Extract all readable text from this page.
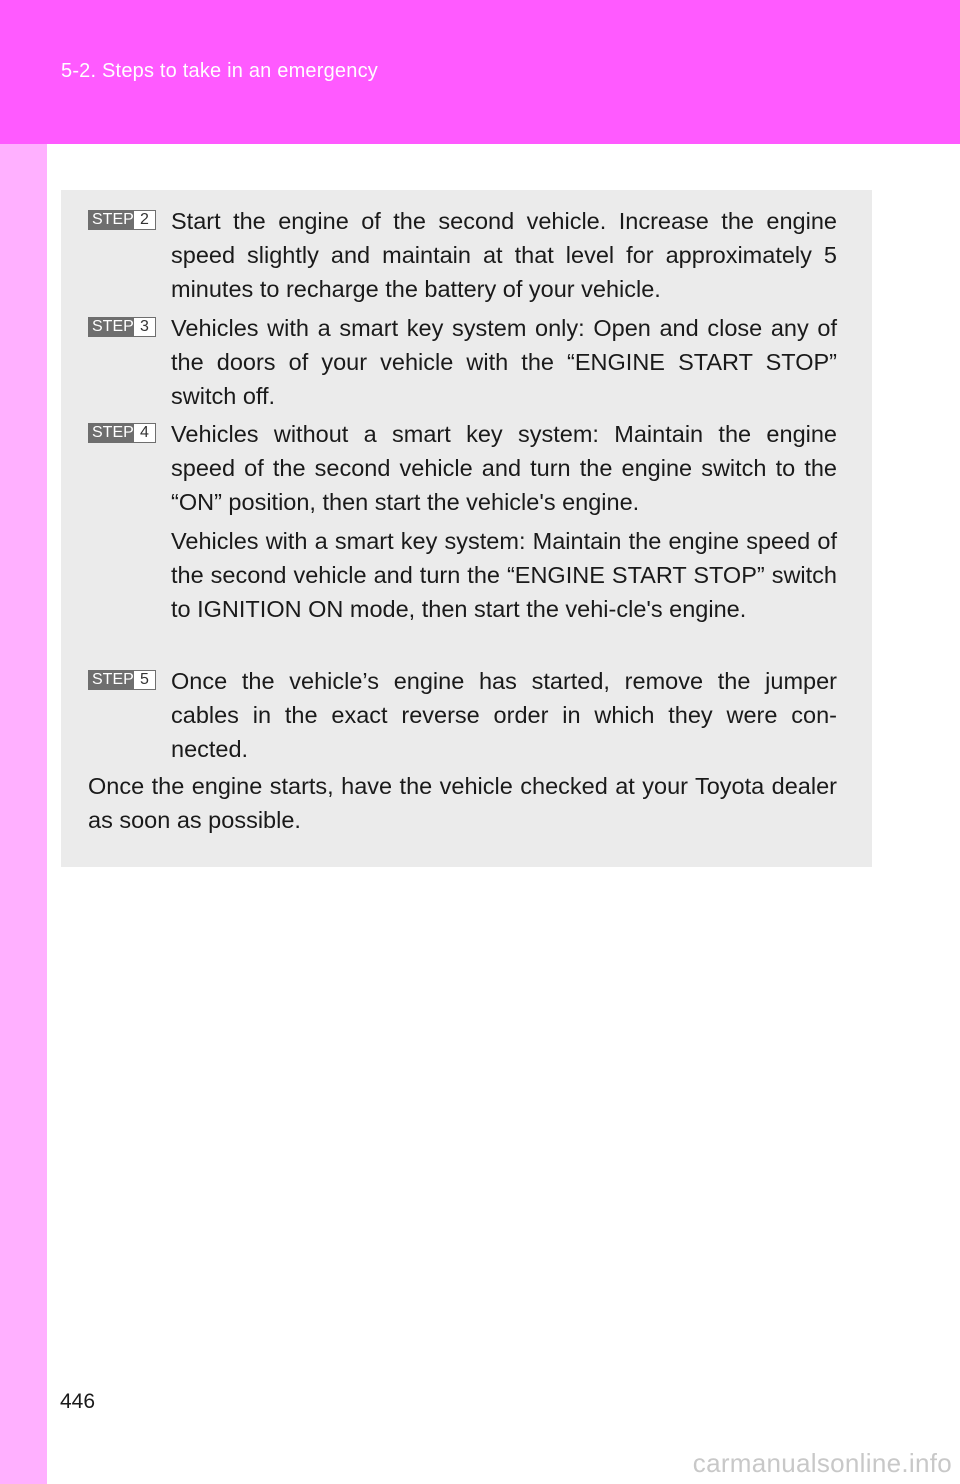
5-2. Steps to take in an emergency
STEP 2 Start the engine of the second vehicle. Increase the engine speed slightly and maintain at that level for approximately 5 minutes to recharge the battery of your vehicle.

STEP 3 Vehicles with a smart key system only: Open and close any of the doors of your vehicle with the “ENGINE START STOP” switch off.

STEP 4 Vehicles without a smart key system: Maintain the engine speed of the second vehicle and turn the engine switch to the “ON” position, then start the vehicle's engine.

Vehicles with a smart key system: Maintain the engine speed of the second vehicle and turn the “ENGINE START STOP” switch to IGNITION ON mode, then start the vehi-cle's engine.

STEP 5 Once the vehicle’s engine has started, remove the jumper cables in the exact reverse order in which they were con-nected.

Once the engine starts, have the vehicle checked at your Toyota dealer as soon as possible.

446
carmanualsonline.info
